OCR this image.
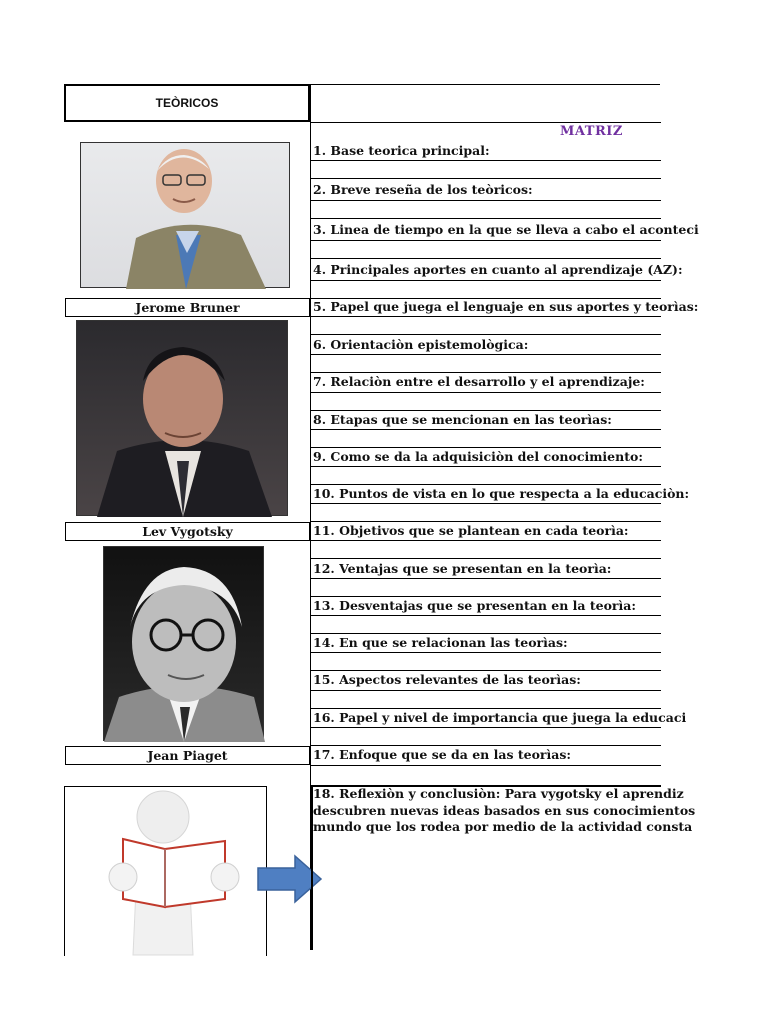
TEÒRICOS
MATRIZ
1. Base teorica principal:
2. Breve reseña de los teòricos:
3. Linea de tiempo en la que se lleva a cabo el aconteci
4. Principales aportes en cuanto al aprendizaje (AZ):
5. Papel que juega el lenguaje en sus aportes y teorìas:
6. Orientaciòn epistemològica:
7. Relaciòn entre el desarrollo y el aprendizaje:
8. Etapas que se mencionan en las teorìas:
9. Como se da la adquisiciòn del conocimiento:
10. Puntos de vista en lo que respecta a la educaciòn:
11. Objetivos que se plantean en cada teorìa:
12. Ventajas que se presentan en la teorìa:
13. Desventajas que se presentan en la teorìa:
14. En que se relacionan las teorìas:
15. Aspectos relevantes de las teorìas:
16. Papel y nivel de importancia que juega la educaci
17. Enfoque que se da en las teorìas:
Jerome Bruner
Lev Vygotsky
Jean Piaget
18. Reflexiòn y conclusiòn: Para vygotsky el aprendiz
descubren nuevas ideas basados en sus conocimientos
mundo que los rodea por medio de la actividad consta
